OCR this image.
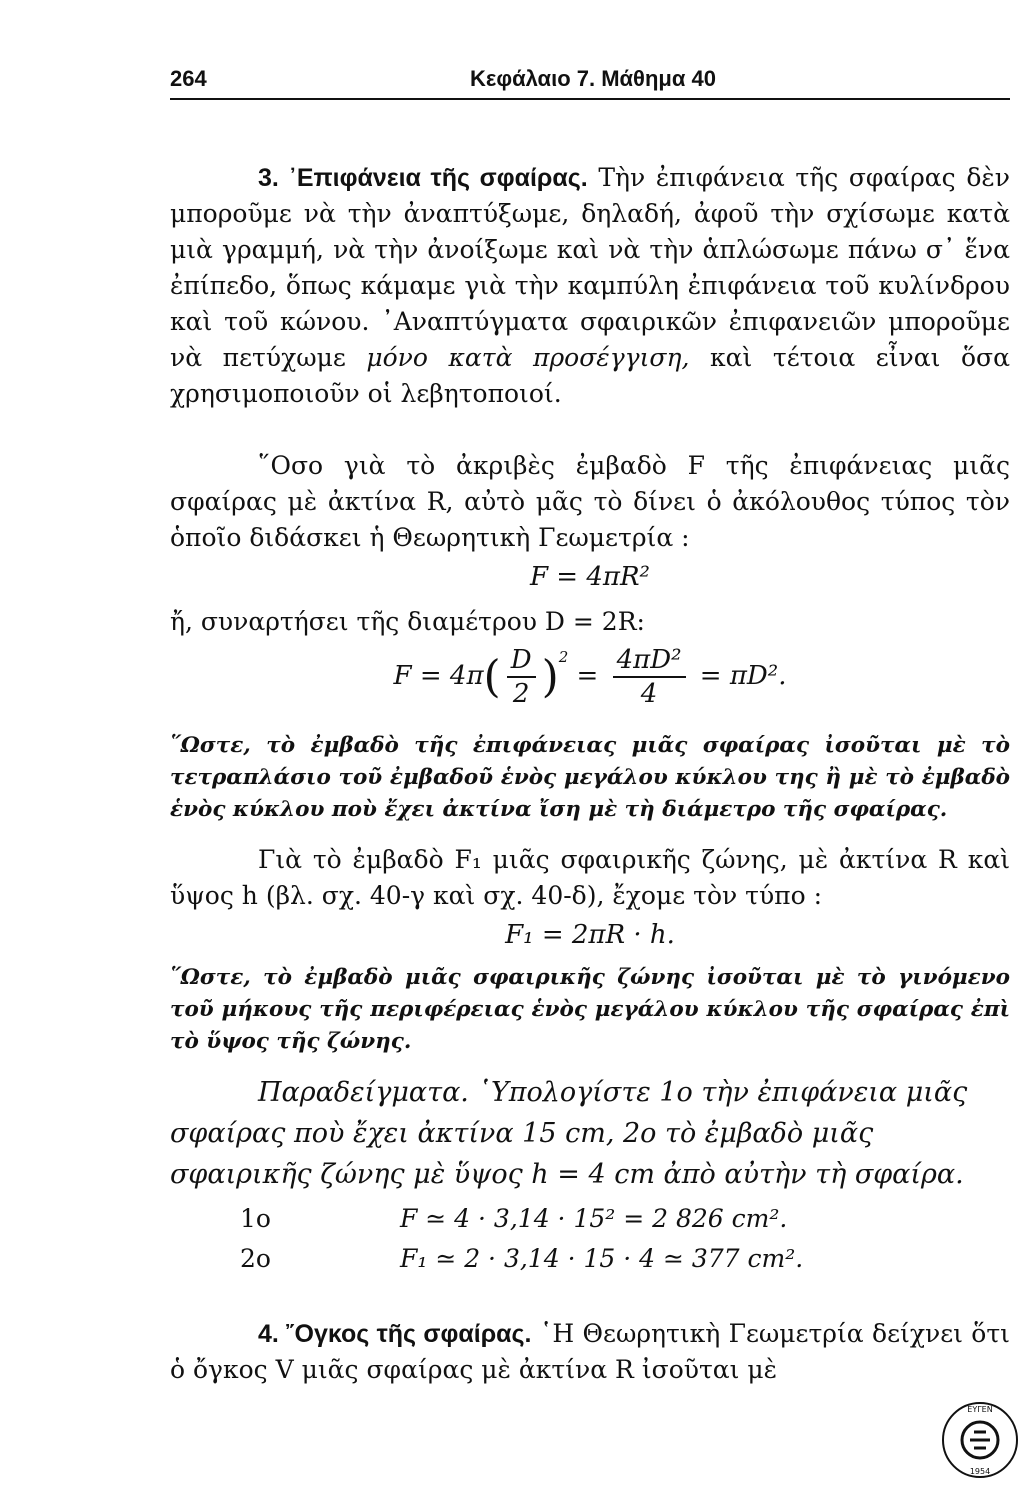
264	Κεφάλαιο 7. Μάθημα 40

3. ᾿Επιφάνεια τῆς σφαίρας. Τὴν ἐπιφάνεια τῆς σφαίρας δὲν μποροῦμε νὰ τὴν ἀναπτύξωμε, δηλαδή, ἀφοῦ τὴν σχίσωμε κατὰ μιὰ γραμμή, νὰ τὴν ἀνοίξωμε καὶ νὰ τὴν ἁπλώσωμε πάνω σ᾿ ἕνα ἐπίπεδο, ὅπως κάμαμε γιὰ τὴν καμπύλη ἐπιφάνεια τοῦ κυλίνδρου καὶ τοῦ κώνου. ᾿Αναπτύγματα σφαιρικῶν ἐπιφανειῶν μποροῦμε νὰ πετύχωμε μόνο κατὰ προσέγγιση, καὶ τέτοια εἶναι ὅσα χρησιμοποιοῦν οἱ λεβητοποιοί.

῞Οσο γιὰ τὸ ἀκριβὲς ἐμβαδὸ F τῆς ἐπιφάνειας μιᾶς σφαίρας μὲ ἀκτίνα R, αὐτὸ μᾶς τὸ δίνει ὁ ἀκόλουθος τύπος τὸν ὁποῖο διδάσκει ἡ Θεωρητικὴ Γεωμετρία :

F = 4πR²

ἤ, συναρτήσει τῆς διαμέτρου D = 2R:

$F = 4\pi( \frac{D}{2} )^2 = \frac{\text{4πD²}}{4} = \pi D^2$.

῞Ωστε, τὸ ἐμβαδὸ τῆς ἐπιφάνειας μιᾶς σφαίρας ἰσοῦται μὲ τὸ τετραπλάσιο τοῦ ἐμβαδοῦ ἑνὸς μεγάλου κύκλου της ἢ μὲ τὸ ἐμβαδὸ ἑνὸς κύκλου ποὺ ἔχει ἀκτίνα ἴση μὲ τὴ διάμετρο τῆς σφαίρας.

Γιὰ τὸ ἐμβαδὸ F₁ μιᾶς σφαιρικῆς ζώνης, μὲ ἀκτίνα R καὶ ὕψος h (βλ. σχ. 40-γ καὶ σχ. 40-δ), ἔχομε τὸν τύπο :

F₁ = 2πR · h.

῞Ωστε, τὸ ἐμβαδὸ μιᾶς σφαιρικῆς ζώνης ἰσοῦται μὲ τὸ γινόμενο τοῦ μήκους τῆς περιφέρειας ἑνὸς μεγάλου κύκλου τῆς σφαίρας ἐπὶ τὸ ὕψος τῆς ζώνης.

Παραδείγματα. ῾Υπολογίστε 1ο τὴν ἐπιφάνεια μιᾶς σφαίρας ποὺ ἔχει ἀκτίνα 15 cm, 2ο τὸ ἐμβαδὸ μιᾶς σφαιρικῆς ζώνης μὲ ὕψος h = 4 cm ἀπὸ αὐτὴν τὴ σφαίρα.

1ο	F ≃ 4 · 3,14 · 15² = 2 826 cm².
2ο	F₁ ≃ 2 · 3,14 · 15 · 4 ≃ 377 cm².

4. ῎Ογκος τῆς σφαίρας. ῾Η Θεωρητικὴ Γεωμετρία δείχνει ὅτι ὁ ὄγκος V μιᾶς σφαίρας μὲ ἀκτίνα R ἰσοῦται μὲ

ΕΥΓΕΝ
1954
